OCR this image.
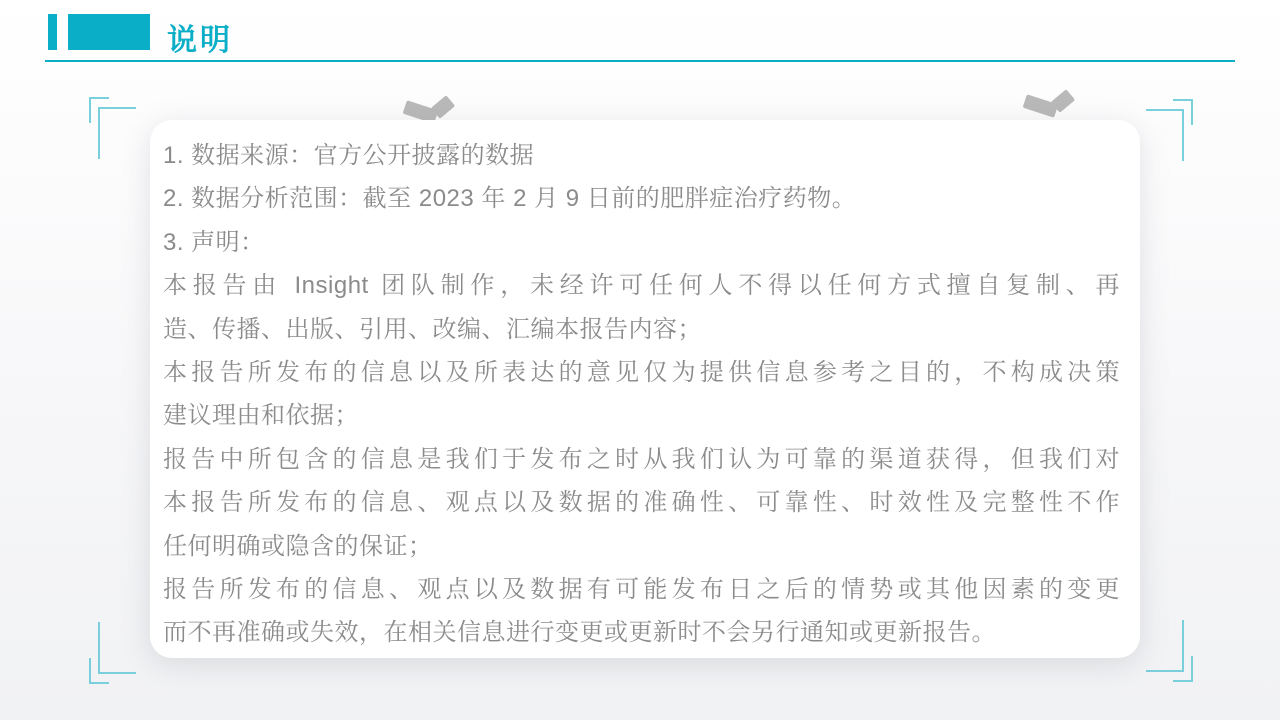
说明
1. 数据来源：官方公开披露的数据
2. 数据分析范围：截至 2023 年 2 月 9 日前的肥胖症治疗药物。
3. 声明：
本报告由 Insight 团队制作，未经许可任何人不得以任何方式擅自复制、再
造、传播、出版、引用、改编、汇编本报告内容；
本报告所发布的信息以及所表达的意见仅为提供信息参考之目的，不构成决策
建议理由和依据；
报告中所包含的信息是我们于发布之时从我们认为可靠的渠道获得，但我们对
本报告所发布的信息、观点以及数据的准确性、可靠性、时效性及完整性不作
任何明确或隐含的保证；
报告所发布的信息、观点以及数据有可能发布日之后的情势或其他因素的变更
而不再准确或失效，在相关信息进行变更或更新时不会另行通知或更新报告。
